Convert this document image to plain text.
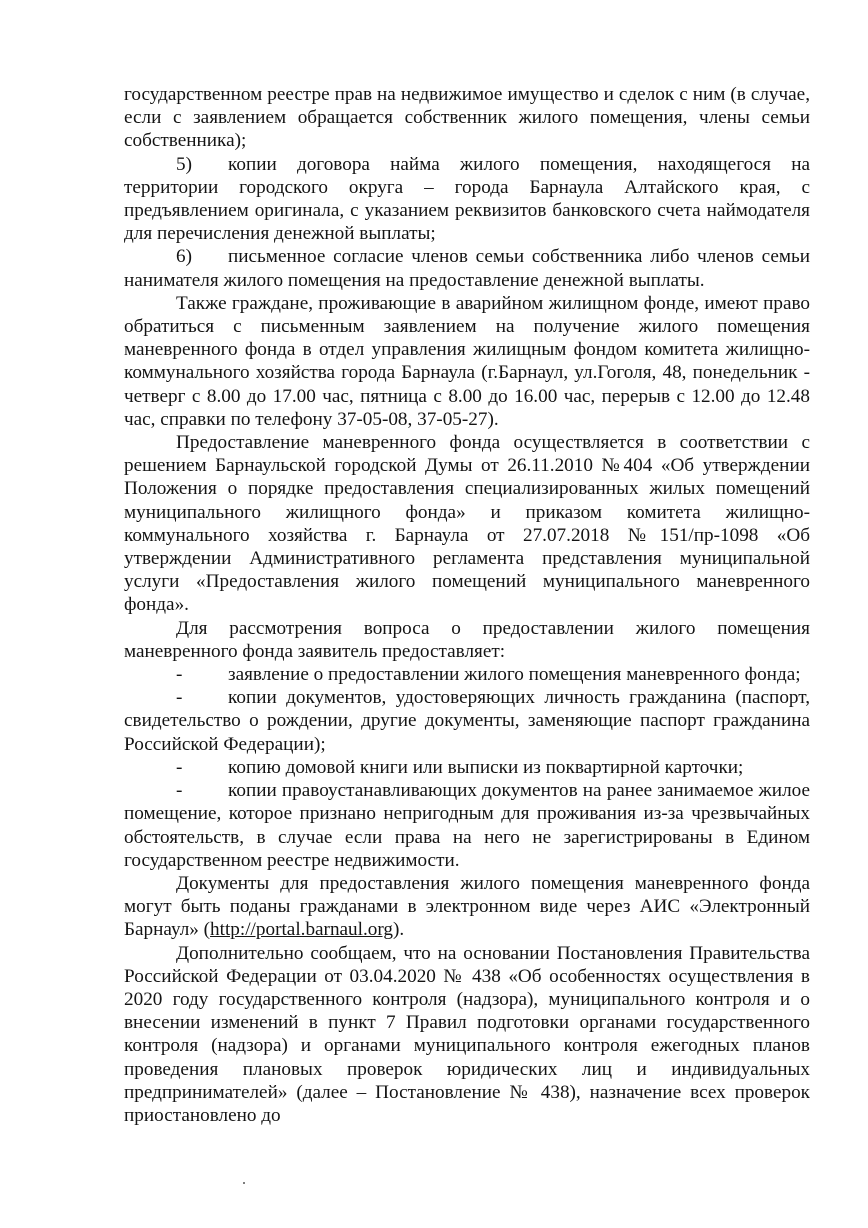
государственном реестре прав на недвижимое имущество и сделок с ним (в случае, если с заявлением обращается собственник жилого помещения, члены семьи собственника);

5) копии договора найма жилого помещения, находящегося на территории городского округа – города Барнаула Алтайского края, с предъявлением оригинала, с указанием реквизитов банковского счета наймодателя для перечисления денежной выплаты;

6) письменное согласие членов семьи собственника либо членов семьи нанимателя жилого помещения на предоставление денежной выплаты.

Также граждане, проживающие в аварийном жилищном фонде, имеют право обратиться с письменным заявлением на получение жилого помещения маневренного фонда в отдел управления жилищным фондом комитета жилищно-коммунального хозяйства города Барнаула (г.Барнаул, ул.Гоголя, 48, понедельник - четверг с 8.00 до 17.00 час, пятница с 8.00 до 16.00 час, перерыв с 12.00 до 12.48 час, справки по телефону 37-05-08, 37-05-27).

Предоставление маневренного фонда осуществляется в соответствии с решением Барнаульской городской Думы от 26.11.2010 №404 «Об утверждении Положения о порядке предоставления специализированных жилых помещений муниципального жилищного фонда» и приказом комитета жилищно-коммунального хозяйства г. Барнаула от 27.07.2018 №151/пр-1098 «Об утверждении Административного регламента представления муниципальной услуги «Предоставления жилого помещений муниципального маневренного фонда».

Для рассмотрения вопроса о предоставлении жилого помещения маневренного фонда заявитель предоставляет:

- заявление о предоставлении жилого помещения маневренного фонда;

- копии документов, удостоверяющих личность гражданина (паспорт, свидетельство о рождении, другие документы, заменяющие паспорт гражданина Российской Федерации);

- копию домовой книги или выписки из поквартирной карточки;

- копии правоустанавливающих документов на ранее занимаемое жилое помещение, которое признано непригодным для проживания из-за чрезвычайных обстоятельств, в случае если права на него не зарегистрированы в Едином государственном реестре недвижимости.

Документы для предоставления жилого помещения маневренного фонда могут быть поданы гражданами в электронном виде через АИС «Электронный Барнаул» (http://portal.barnaul.org).

Дополнительно сообщаем, что на основании Постановления Правительства Российской Федерации от 03.04.2020 № 438 «Об особенностях осуществления в 2020 году государственного контроля (надзора), муниципального контроля и о внесении изменений в пункт 7 Правил подготовки органами государственного контроля (надзора) и органами муниципального контроля ежегодных планов проведения плановых проверок юридических лиц и индивидуальных предпринимателей» (далее – Постановление № 438), назначение всех проверок приостановлено до
